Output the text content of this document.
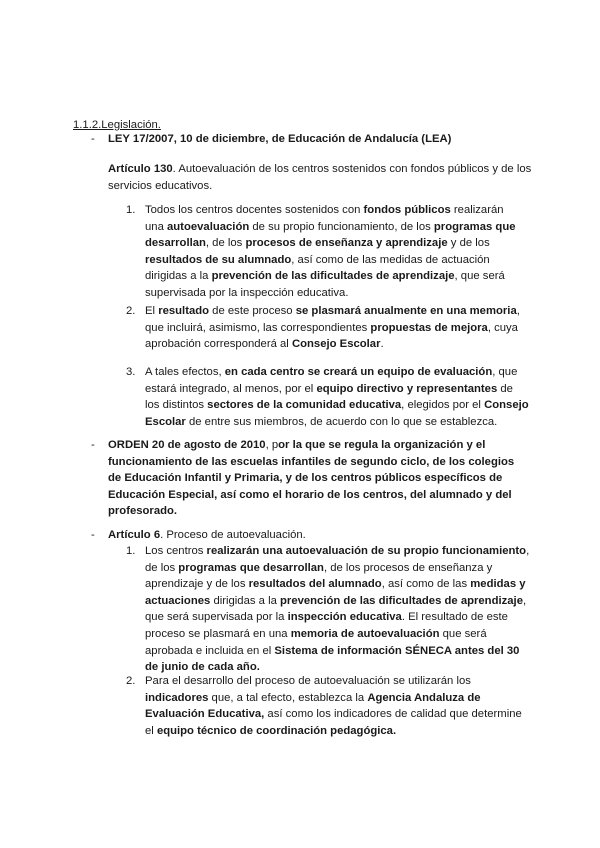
1.1.2.Legislación.
- LEY 17/2007, 10 de diciembre, de Educación de Andalucía (LEA)

Artículo 130. Autoevaluación de los centros sostenidos con fondos públicos y de los servicios educativos.

1. Todos los centros docentes sostenidos con fondos públicos realizarán una autoevaluación de su propio funcionamiento, de los programas que desarrollan, de los procesos de enseñanza y aprendizaje y de los resultados de su alumnado, así como de las medidas de actuación dirigidas a la prevención de las dificultades de aprendizaje, que será supervisada por la inspección educativa.

2. El resultado de este proceso se plasmará anualmente en una memoria, que incluirá, asimismo, las correspondientes propuestas de mejora, cuya aprobación corresponderá al Consejo Escolar.

3. A tales efectos, en cada centro se creará un equipo de evaluación, que estará integrado, al menos, por el equipo directivo y representantes de los distintos sectores de la comunidad educativa, elegidos por el Consejo Escolar de entre sus miembros, de acuerdo con lo que se establezca.

- ORDEN 20 de agosto de 2010, por la que se regula la organización y el funcionamiento de las escuelas infantiles de segundo ciclo, de los colegios de Educación Infantil y Primaria, y de los centros públicos específicos de Educación Especial, así como el horario de los centros, del alumnado y del profesorado.

- Artículo 6. Proceso de autoevaluación.

1. Los centros realizarán una autoevaluación de su propio funcionamiento, de los programas que desarrollan, de los procesos de enseñanza y aprendizaje y de los resultados del alumnado, así como de las medidas y actuaciones dirigidas a la prevención de las dificultades de aprendizaje, que será supervisada por la inspección educativa. El resultado de este proceso se plasmará en una memoria de autoevaluación que será aprobada e incluida en el Sistema de información SÉNECA antes del 30 de junio de cada año.

2. Para el desarrollo del proceso de autoevaluación se utilizarán los indicadores que, a tal efecto, establezca la Agencia Andaluza de Evaluación Educativa, así como los indicadores de calidad que determine el equipo técnico de coordinación pedagógica.
